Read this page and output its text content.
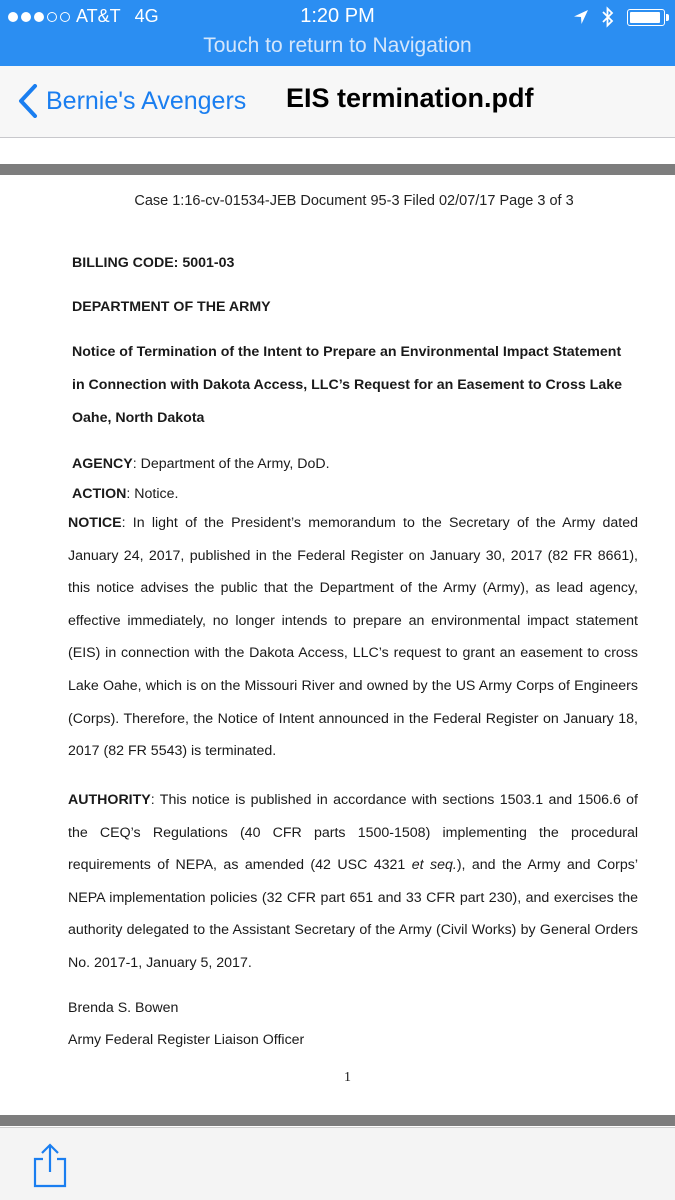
AT&T 4G	1:20 PM
Touch to return to Navigation
Bernie's Avengers EIS termination.pdf
Case 1:16-cv-01534-JEB Document 95-3 Filed 02/07/17 Page 3 of 3
BILLING CODE: 5001-03
DEPARTMENT OF THE ARMY
Notice of Termination of the Intent to Prepare an Environmental Impact Statement
in Connection with Dakota Access, LLC’s Request for an Easement to Cross Lake
Oahe, North Dakota
AGENCY: Department of the Army, DoD.
ACTION: Notice.
NOTICE: In light of the President’s memorandum to the Secretary of the Army dated January 24, 2017, published in the Federal Register on January 30, 2017 (82 FR 8661), this notice advises the public that the Department of the Army (Army), as lead agency, effective immediately, no longer intends to prepare an environmental impact statement (EIS) in connection with the Dakota Access, LLC’s request to grant an easement to cross Lake Oahe, which is on the Missouri River and owned by the US Army Corps of Engineers (Corps). Therefore, the Notice of Intent announced in the Federal Register on January 18, 2017 (82 FR 5543) is terminated.
AUTHORITY: This notice is published in accordance with sections 1503.1 and 1506.6 of the CEQ’s Regulations (40 CFR parts 1500-1508) implementing the procedural requirements of NEPA, as amended (42 USC 4321 et seq.), and the Army and Corps’ NEPA implementation policies (32 CFR part 651 and 33 CFR part 230), and exercises the authority delegated to the Assistant Secretary of the Army (Civil Works) by General Orders No. 2017-1, January 5, 2017.
Brenda S. Bowen
Army Federal Register Liaison Officer
1
